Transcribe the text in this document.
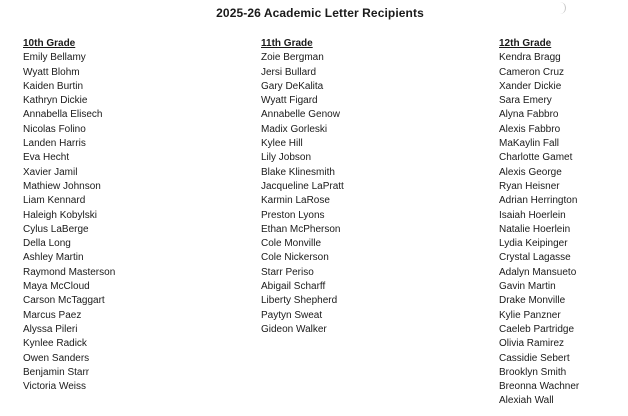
2025-26 Academic Letter Recipients
10th Grade
Emily Bellamy
Wyatt Blohm
Kaiden Burtin
Kathryn Dickie
Annabella Elisech
Nicolas Folino
Landen Harris
Eva Hecht
Xavier Jamil
Mathiew Johnson
Liam Kennard
Haleigh Kobylski
Cylus LaBerge
Della Long
Ashley Martin
Raymond Masterson
Maya McCloud
Carson McTaggart
Marcus Paez
Alyssa Pileri
Kynlee Radick
Owen Sanders
Benjamin Starr
Victoria Weiss
11th Grade
Zoie Bergman
Jersi Bullard
Gary DeKalita
Wyatt Figard
Annabelle Genow
Madix Gorleski
Kylee Hill
Lily Jobson
Blake Klinesmith
Jacqueline LaPratt
Karmin LaRose
Preston Lyons
Ethan McPherson
Cole Monville
Cole Nickerson
Starr Periso
Abigail Scharff
Liberty Shepherd
Paytyn Sweat
Gideon Walker
12th Grade
Kendra Bragg
Cameron Cruz
Xander Dickie
Sara Emery
Alyna Fabbro
Alexis Fabbro
MaKaylin Fall
Charlotte Gamet
Alexis George
Ryan Heisner
Adrian Herrington
Isaiah Hoerlein
Natalie Hoerlein
Lydia Keipinger
Crystal Lagasse
Adalyn Mansueto
Gavin Martin
Drake Monville
Kylie Panzner
Caeleb Partridge
Olivia Ramirez
Cassidie Sebert
Brooklyn Smith
Breonna Wachner
Alexiah Wall
